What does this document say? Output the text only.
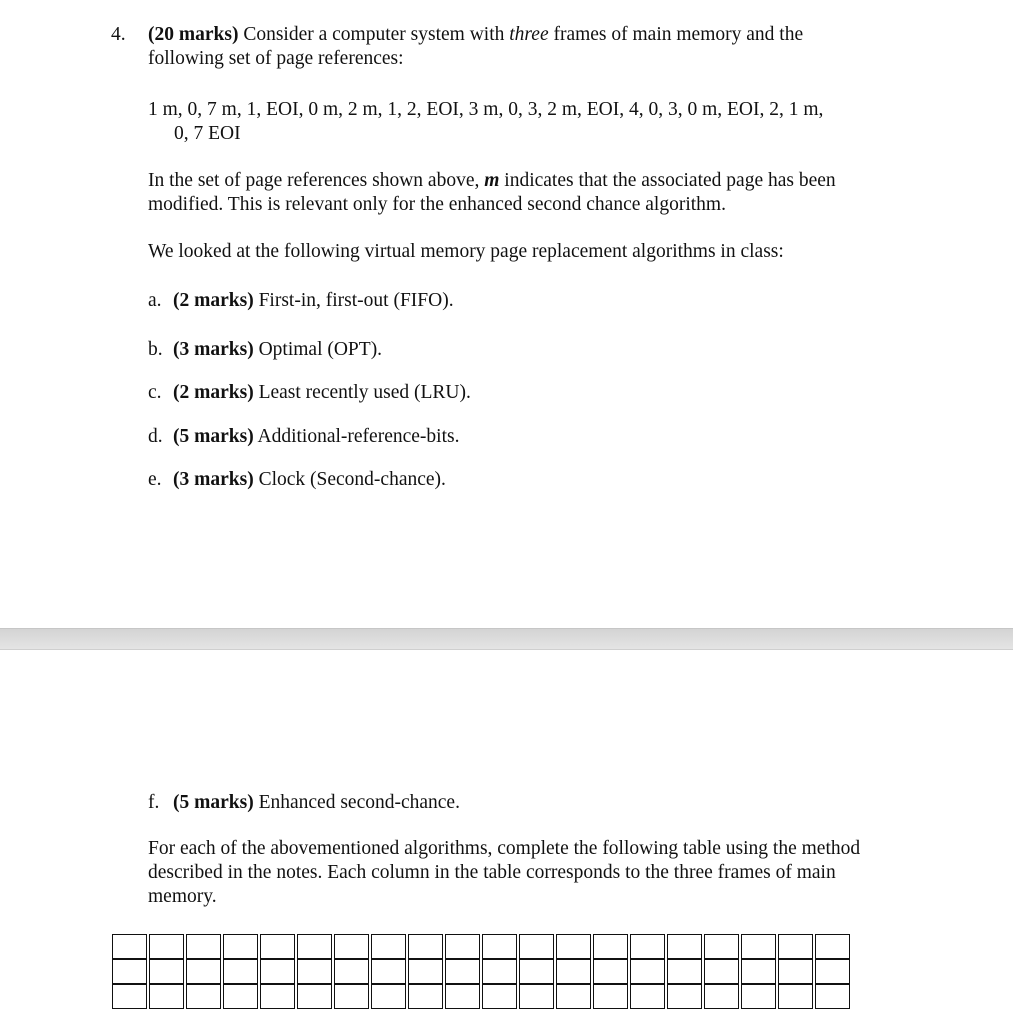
4. (20 marks) Consider a computer system with three frames of main memory and the following set of page references:
1 m, 0, 7 m, 1, EOI, 0 m, 2 m, 1, 2, EOI, 3 m, 0, 3, 2 m, EOI, 4, 0, 3, 0 m, EOI, 2, 1 m,
0, 7 EOI
In the set of page references shown above, m indicates that the associated page has been modified. This is relevant only for the enhanced second chance algorithm.
We looked at the following virtual memory page replacement algorithms in class:
a. (2 marks) First-in, first-out (FIFO).
b. (3 marks) Optimal (OPT).
c. (2 marks) Least recently used (LRU).
d. (5 marks) Additional-reference-bits.
e. (3 marks) Clock (Second-chance).
f. (5 marks) Enhanced second-chance.
For each of the abovementioned algorithms, complete the following table using the method described in the notes. Each column in the table corresponds to the three frames of main memory.
